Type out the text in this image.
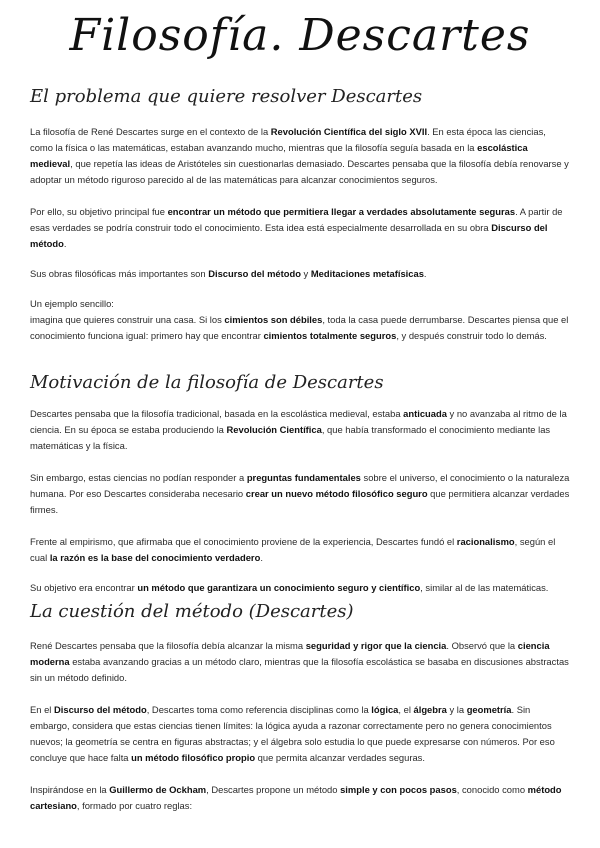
Filosofía. Descartes
El problema que quiere resolver Descartes

La filosofía de René Descartes surge en el contexto de la Revolución Científica del siglo XVII. En esta época las ciencias, como la física o las matemáticas, estaban avanzando mucho, mientras que la filosofía seguía basada en la escolástica medieval, que repetía las ideas de Aristóteles sin cuestionarlas demasiado. Descartes pensaba que la filosofía debía renovarse y adoptar un método riguroso parecido al de las matemáticas para alcanzar conocimientos seguros.

Por ello, su objetivo principal fue encontrar un método que permitiera llegar a verdades absolutamente seguras. A partir de esas verdades se podría construir todo el conocimiento. Esta idea está especialmente desarrollada en su obra Discurso del método.

Sus obras filosóficas más importantes son Discurso del método y Meditaciones metafísicas.

Un ejemplo sencillo:
imagina que quieres construir una casa. Si los cimientos son débiles, toda la casa puede derrumbarse. Descartes piensa que el conocimiento funciona igual: primero hay que encontrar cimientos totalmente seguros, y después construir todo lo demás.

Motivación de la filosofía de Descartes

Descartes pensaba que la filosofía tradicional, basada en la escolástica medieval, estaba anticuada y no avanzaba al ritmo de la ciencia. En su época se estaba produciendo la Revolución Científica, que había transformado el conocimiento mediante las matemáticas y la física.

Sin embargo, estas ciencias no podían responder a preguntas fundamentales sobre el universo, el conocimiento o la naturaleza humana. Por eso Descartes consideraba necesario crear un nuevo método filosófico seguro que permitiera alcanzar verdades firmes.

Frente al empirismo, que afirmaba que el conocimiento proviene de la experiencia, Descartes fundó el racionalismo, según el cual la razón es la base del conocimiento verdadero.

Su objetivo era encontrar un método que garantizara un conocimiento seguro y científico, similar al de las matemáticas.

La cuestión del método (Descartes)

René Descartes pensaba que la filosofía debía alcanzar la misma seguridad y rigor que la ciencia. Observó que la ciencia moderna estaba avanzando gracias a un método claro, mientras que la filosofía escolástica se basaba en discusiones abstractas sin un método definido.

En el Discurso del método, Descartes toma como referencia disciplinas como la lógica, el álgebra y la geometría. Sin embargo, considera que estas ciencias tienen límites: la lógica ayuda a razonar correctamente pero no genera conocimientos nuevos; la geometría se centra en figuras abstractas; y el álgebra solo estudia lo que puede expresarse con números. Por eso concluye que hace falta un método filosófico propio que permita alcanzar verdades seguras.

Inspirándose en la Guillermo de Ockham, Descartes propone un método simple y con pocos pasos, conocido como método cartesiano, formado por cuatro reglas:
